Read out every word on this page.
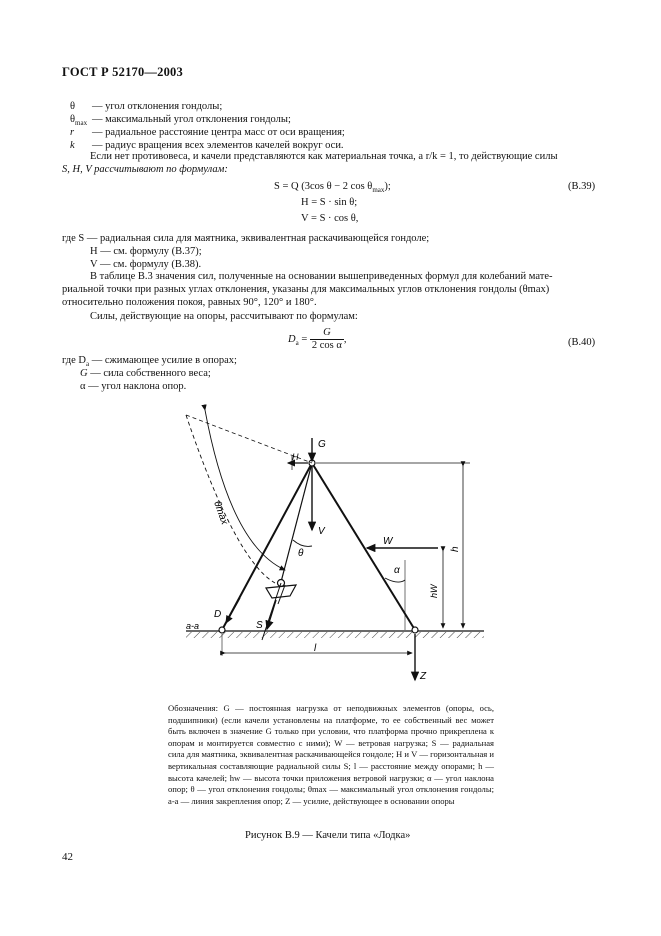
ГОСТ Р 52170—2003
θ — угол отклонения гондолы;
$\theta_{max}$ — максимальный угол отклонения гондолы;
r — радиальное расстояние центра масс от оси вращения;
k — радиус вращения всех элементов качелей вокруг оси.
Если нет противовеса, и качели представляются как материальная точка, а r/k = 1, то действующие силы
S, H, V рассчитывают по формулам:
S = Q (3cos θ − 2 $\cos \theta_{max}$);	(В.39)
H = S · sin θ;
V = S · cos θ,
где S — радиальная сила для маятника, эквивалентная раскачивающейся гондоле;
H — см. формулу (В.37);
V — см. формулу (В.38).
В таблице В.3 значения сил, полученные на основании вышеприведенных формул для колебаний мате-
риальной точки при разных углах отклонения, указаны для максимальных углов отклонения гондолы (θmax)
относительно положения покоя, равных 90°, 120° и 180°.
Силы, действующие на опоры, рассчитывают по формулам:
$D_a = \frac{G}{\text{2 cos α}}$ ,	(В.40)
где $D_a$ — сжимающее усилие в опорах;
G — сила собственного веса;
α — угол наклона опор.
G
H
V
θ
θmax
W
α
h
hW
D
S
a-a
l
Z
Обозначения: G — постоянная нагрузка от неподвижных элементов (опоры, ось, подшипники) (если качели установлены на платформе, то ее собственный вес может быть включен в значение G только при условии, что платформа прочно прикреплена к опорам и монтируется совместно с ними); W — ветровая нагрузка; S — радиальная сила для маятника, эквивалентная раскачивающейся гондоле; H и V — горизонтальная и вертикальная составляющие радиальной силы S; l — расстояние между опорами; h — высота качелей; hw — высота точки приложения ветровой нагрузки; α — угол наклона опор; θ — угол отклонения гондолы; θmax — максимальный угол отклонения гондолы; a-a — линия закрепления опор; Z — усилие, действующее в основании опоры
Рисунок В.9 — Качели типа «Лодка»
42
